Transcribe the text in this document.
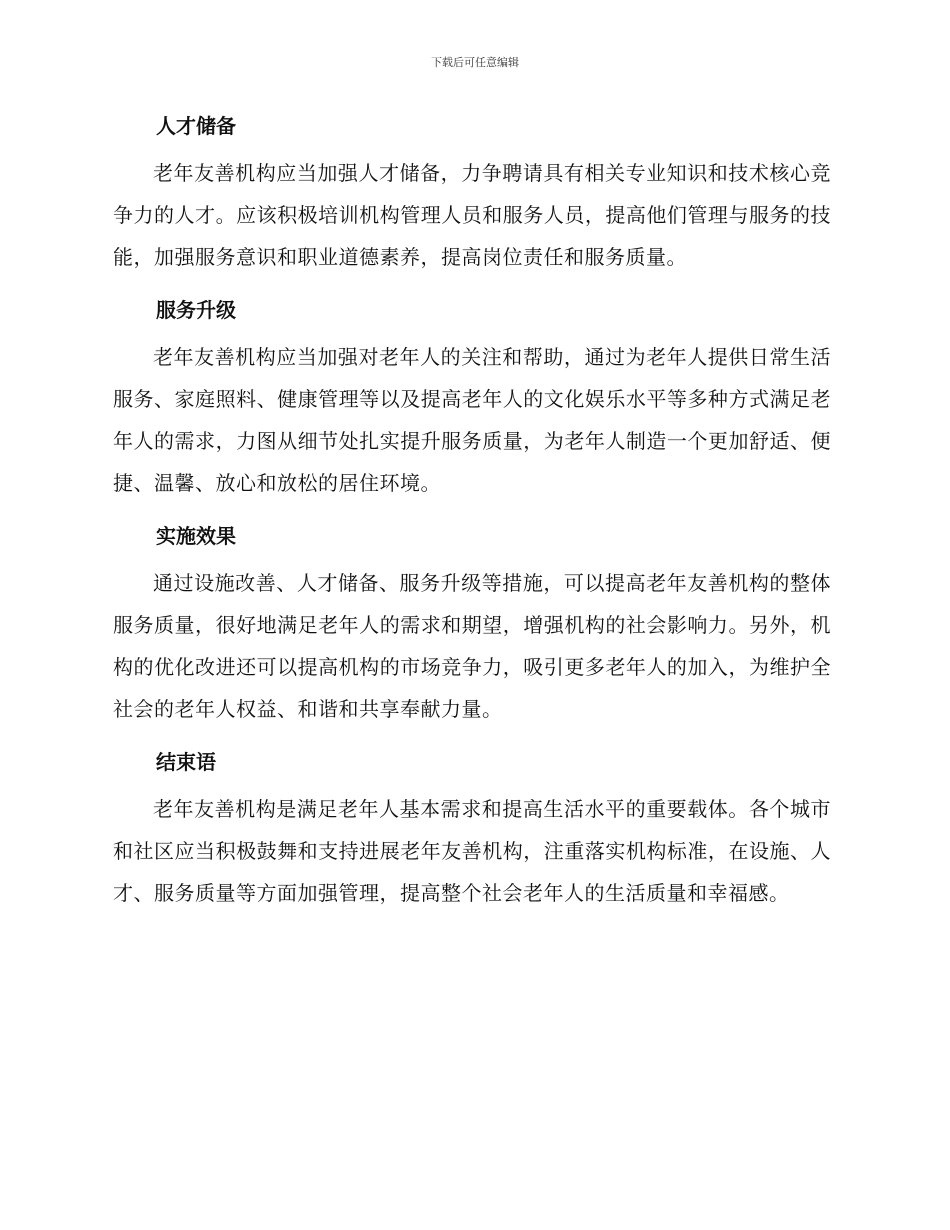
下载后可任意编辑
人才储备

老年友善机构应当加强人才储备，力争聘请具有相关专业知识和技术核心竞争力的人才。应该积极培训机构管理人员和服务人员，提高他们管理与服务的技能，加强服务意识和职业道德素养，提高岗位责任和服务质量。

服务升级

老年友善机构应当加强对老年人的关注和帮助，通过为老年人提供日常生活服务、家庭照料、健康管理等以及提高老年人的文化娱乐水平等多种方式满足老年人的需求，力图从细节处扎实提升服务质量，为老年人制造一个更加舒适、便捷、温馨、放心和放松的居住环境。

实施效果

通过设施改善、人才储备、服务升级等措施，可以提高老年友善机构的整体服务质量，很好地满足老年人的需求和期望，增强机构的社会影响力。另外，机构的优化改进还可以提高机构的市场竞争力，吸引更多老年人的加入，为维护全社会的老年人权益、和谐和共享奉献力量。

结束语

老年友善机构是满足老年人基本需求和提高生活水平的重要载体。各个城市和社区应当积极鼓舞和支持进展老年友善机构，注重落实机构标准，在设施、人才、服务质量等方面加强管理，提高整个社会老年人的生活质量和幸福感。
